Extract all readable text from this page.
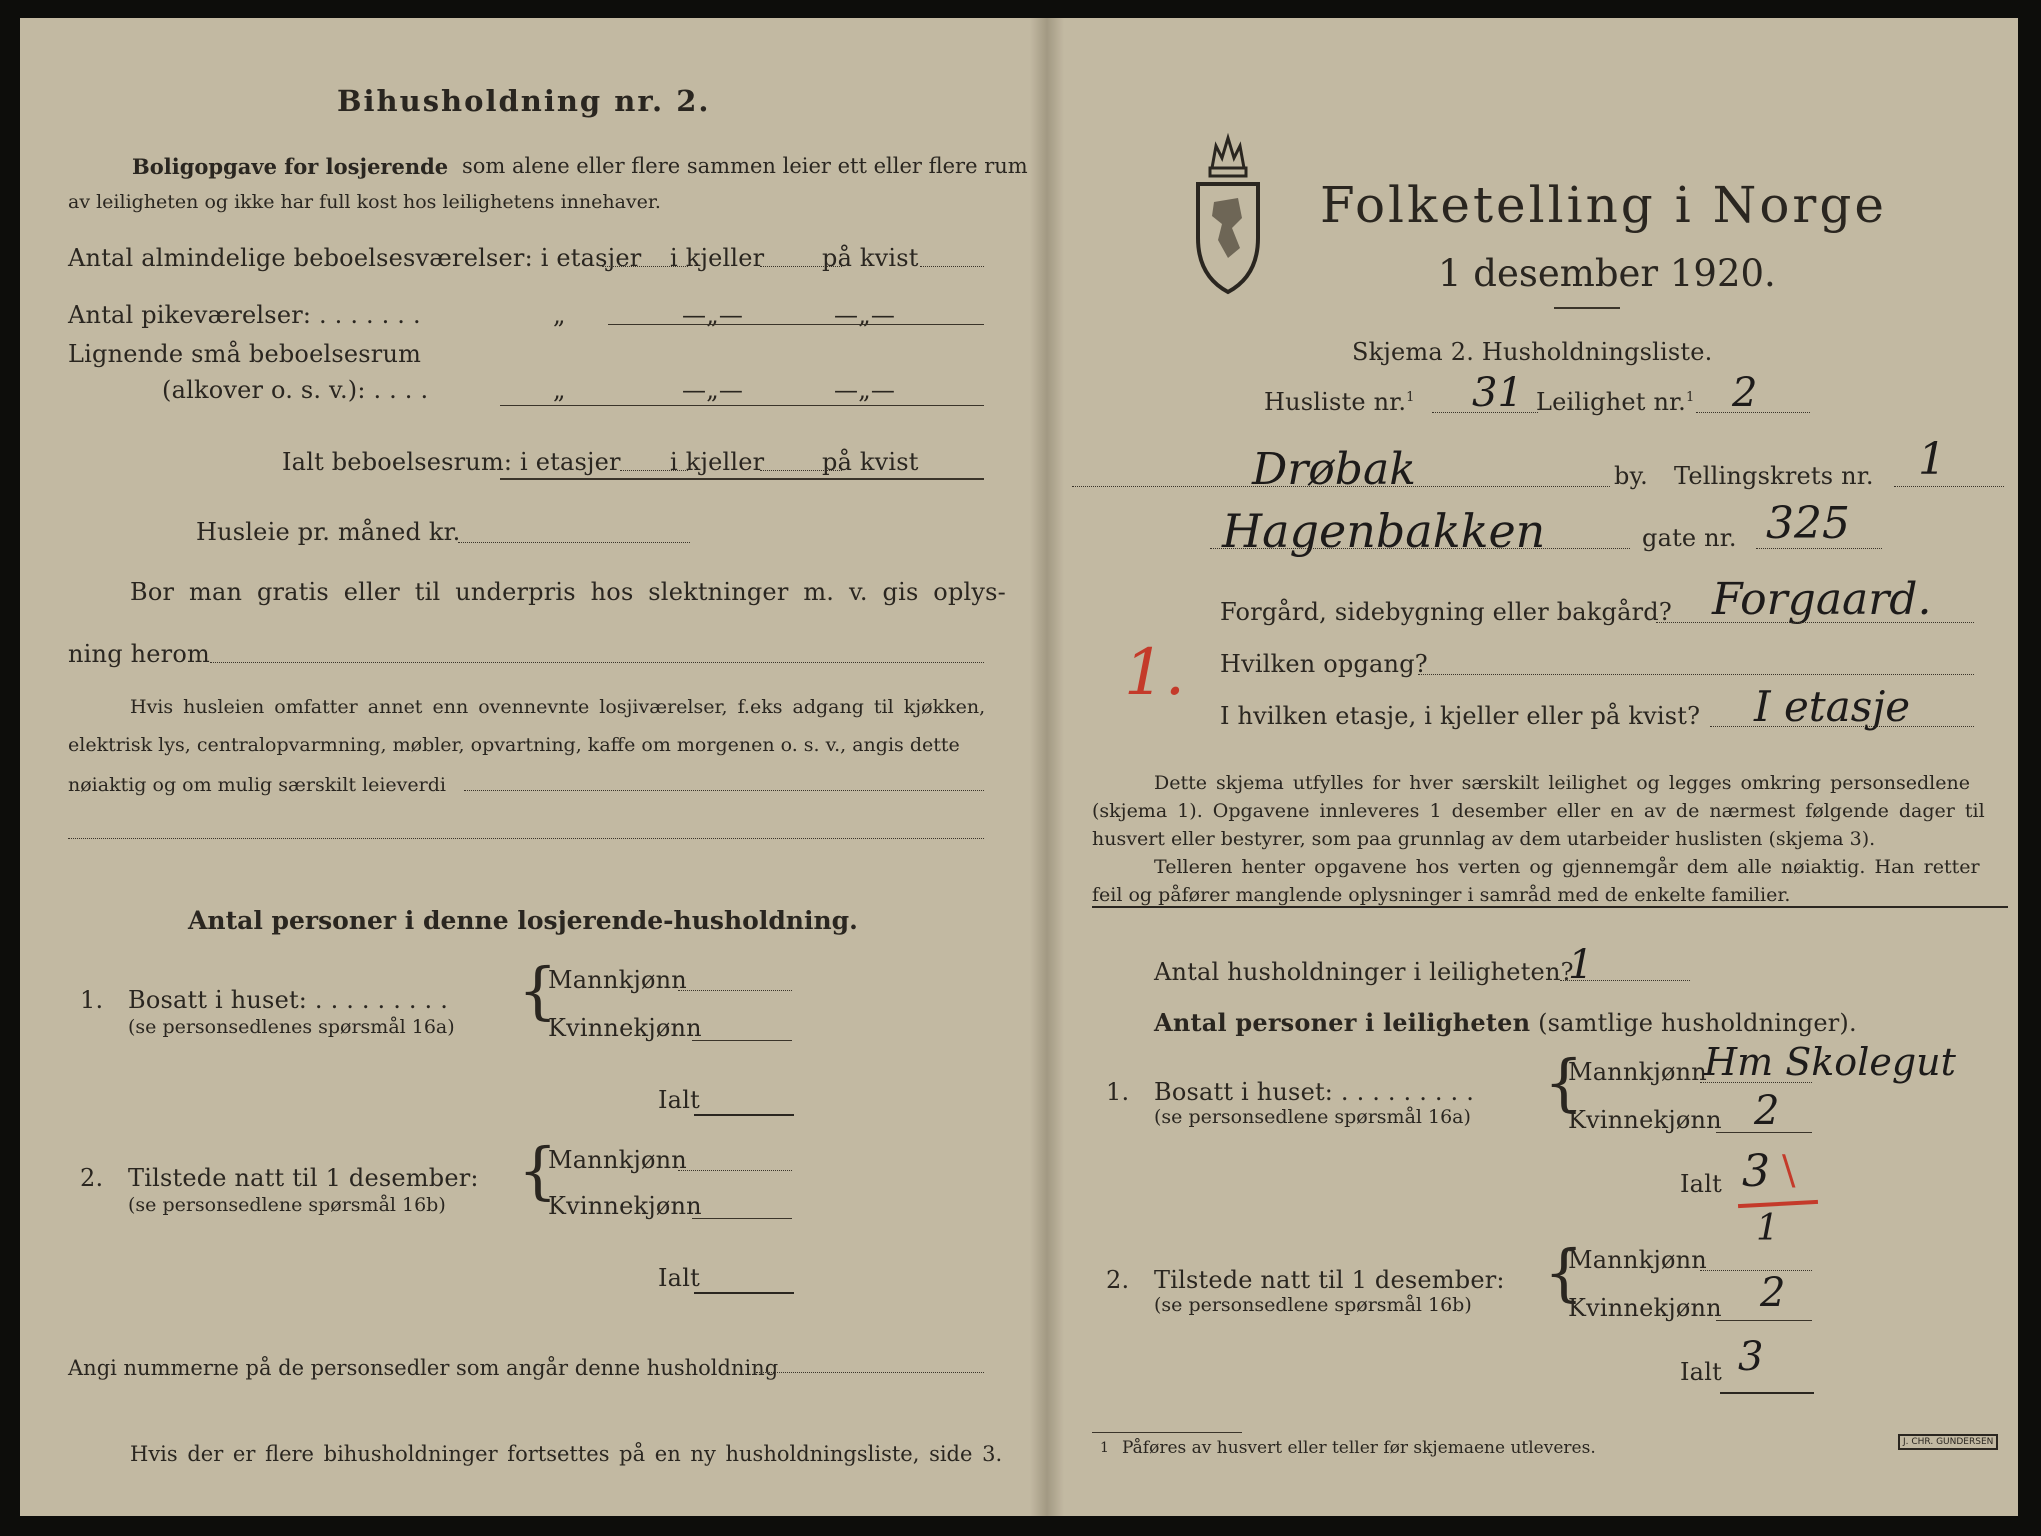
Bihusholdning nr. 2.
Boligopgave for losjerende som alene eller flere sammen leier ett eller flere rum
av leiligheten og ikke har full kost hos leilighetens innehaver.
Antal almindelige beboelsesværelser: i etasjer i kjeller på kvist
Antal pikeværelser: . . . . . . .	„	—„—	—„—
Lignende små beboelsesrum
(alkover o. s. v.): . . . .	„	—„—	—„—
Ialt beboelsesrum: i etasjer i kjeller på kvist
Husleie pr. måned kr.
Bor man gratis eller til underpris hos slektninger m. v. gis oplys-
ning herom
Hvis husleien omfatter annet enn ovennevnte losjiværelser, f.eks adgang til kjøkken,
elektrisk lys, centralopvarmning, møbler, opvartning, kaffe om morgenen o. s. v., angis dette
nøiaktig og om mulig særskilt leieverdi
Antal personer i denne losjerende-husholdning.
1. Bosatt i huset: . . . . . . . . .
(se personsedlenes spørsmål 16a) {
Mannkjønn
Kvinnekjønn
Ialt
2. Tilstede natt til 1 desember:
(se personsedlene spørsmål 16b) {
Mannkjønn
Kvinnekjønn
Ialt
Angi nummerne på de personsedler som angår denne husholdning
Hvis der er flere bihusholdninger fortsettes på en ny husholdningsliste, side 3.
Folketelling i Norge
1 desember 1920.
Skjema 2. Husholdningsliste.
Husliste nr.$^1$ 31 Leilighet nr.$^1$ 2
Drøbak	by. Tellingskrets nr. 1
Hagenbakken	gate nr. 325
Forgård, sidebygning eller bakgård? Forgaard.
1. Hvilken opgang?
I hvilken etasje, i kjeller eller på kvist? I etasje
Dette skjema utfylles for hver særskilt leilighet og legges omkring personsedlene
(skjema 1). Opgavene innleveres 1 desember eller en av de nærmest følgende dager til
husvert eller bestyrer, som paa grunnlag av dem utarbeider huslisten (skjema 3).
Telleren henter opgavene hos verten og gjennemgår dem alle nøiaktig. Han retter
feil og påfører manglende oplysninger i samråd med de enkelte familier.
Antal husholdninger i leiligheten?
1
Antal personer i leiligheten (samtlige husholdninger).
1. Bosatt i huset: . . . . . . . . .
(se personsedlene spørsmål 16a) {
Mannkjønn
Hm Skolegut
Kvinnekjønn 2
Ialt 3 \
1
2. Tilstede natt til 1 desember:
(se personsedlene spørsmål 16b) {
Mannkjønn
Kvinnekjønn 2
Ialt 3
1 Påføres av husvert eller teller før skjemaene utleveres.	J. CHR. GUNDERSEN
